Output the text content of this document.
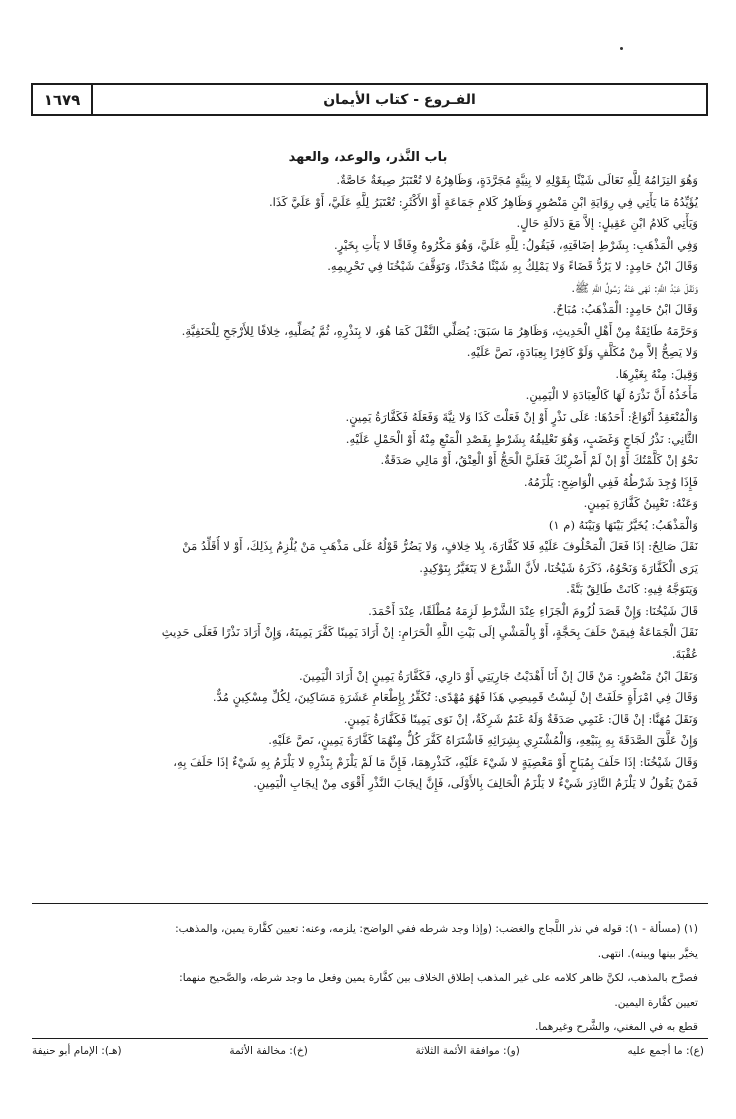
١٦٧٩	الفـروع - كتاب الأيمان
باب النَّذر، والوعد، والعهد
وَهُوَ التِزَامُهُ لِلَّهِ تَعَالَى شَيْئًا بِقَوْلِهِ لا بِنِيَّةٍ مُجَرَّدَةٍ، وَظَاهِرُهُ لا تُعْتَبَرُ صِيغَةٌ خَاصَّةٌ.
يُؤَيِّدُهُ مَا يَأْتِي فِي رِوَايَةِ ابْنِ مَنْصُورٍ وَظَاهِرُ كَلامِ جَمَاعَةٍ أَوْ الأَكْثَرِ: تُعْتَبَرُ لِلَّهِ عَلَيَّ، أَوْ عَلَيَّ كَذَا.
وَيَأْتِي كَلامُ ابْنِ عَقِيلٍ: إلاَّ مَعَ دَلالَةِ حَالٍ.
وَفِي الْمَذْهَبِ: بِشَرْطِ إضَافَتِهِ، فَيَقُولُ: لِلَّهِ عَلَيَّ، وَهُوَ مَكْرُوهٌ وِفَاقًا لا يَأْتِ بِخَيْرٍ.
وَقَالَ ابْنُ حَامِدٍ: لا يَرُدُّ قَضَاءً وَلا يَمْلِكُ بِهِ شَيْئًا مُحْدَثًا، وَتَوَقَّفَ شَيْخُنَا فِي تَحْرِيمِهِ.
وَنَقَلَ عَبْدُ اللَّهِ: نَهَى عَنْهُ رَسُولُ اللَّهِ ﷺ.
وَقَالَ ابْنُ حَامِدٍ: الْمَذْهَبُ: مُبَاحٌ.
وَحَرَّمَهُ طَائِفَةٌ مِنْ أَهْلِ الْحَدِيثِ، وَظَاهِرُ مَا سَبَقَ: يُصَلِّي النَّفْلَ كَمَا هُوَ، لا بِنَذْرِهِ، ثُمَّ يُصَلِّيهِ، خِلافًا لِلأَرْجَحِ لِلْحَنَفِيَّةِ.
وَلا يَصِحُّ إلاَّ مِنْ مُكَلَّفٍ وَلَوْ كَافِرًا بِعِبَادَةٍ، نَصَّ عَلَيْهِ.
وَقِيلَ: مِنْهُ بِغَيْرِهَا.
مَأْخَذُهُ أَنَّ نَذْرَهُ لَهَا كَالْعِبَادَةِ لا الْيَمِينِ.
وَالْمُنْعَقِدُ أَنْوَاعٌ: أَحَدُهَا: عَلَى نَذْرٍ أَوْ إنْ فَعَلْتَ كَذَا وَلا نِيَّةَ وَفَعَلَهُ فَكَفَّارَةُ يَمِينٍ.
الثَّانِي: نَذْرُ لَجَاجٍ وَغَضَبٍ، وَهُوَ تَعْلِيقُهُ بِشَرْطٍ بِقَصْدِ الْمَنْعِ مِنْهُ أَوْ الْحَمْلِ عَلَيْهِ.
نَحْوُ إنْ كَلَّمْتُكَ أَوْ إنْ لَمْ أَضْرِبْكَ فَعَلَيَّ الْحَجُّ أَوْ الْعِتْقُ، أَوْ مَالِي صَدَقَةٌ.
فَإِذَا وُجِدَ شَرْطُهُ فَفِي الْوَاضِحِ: يَلْزَمُهُ.
وَعَنْهُ: تَعْيِينُ كَفَّارَةِ يَمِينٍ.
وَالْمَذْهَبُ: يُخَيَّرُ بَيْنَهَا وَبَيْنَهُ (م ١)
نَقَلَ صَالِحٌ: إذَا فَعَلَ الْمَحْلُوفَ عَلَيْهِ فَلا كَفَّارَةَ، بِلا خِلافٍ، وَلا يَضُرُّ قَوْلُهُ عَلَى مَذْهَبِ مَنْ يُلْزِمُ بِذَلِكَ، أَوْ لا أُقَلِّدُ مَنْ
يَرَى الْكَفَّارَةَ وَنَحْوُهُ، ذَكَرَهُ شَيْخُنَا، لأَنَّ الشَّرْعَ لا يَتَغَيَّرُ بِتَوْكِيدٍ.
وَيَتَوَجَّهُ فِيهِ: كَانَتْ طَالِقٌ بَتَّةً.
قَالَ شَيْخُنَا: وَإِنْ قَصَدَ لُزُومَ الْجَزَاءِ عِنْدَ الشَّرْطِ لَزِمَهُ مُطْلَقًا، عِنْدَ أَحْمَدَ.
نَقَلَ الْجَمَاعَةُ فِيمَنْ حَلَفَ بِحَجَّةٍ، أَوْ بِالْمَشْيِ إلَى بَيْتِ اللَّهِ الْحَرَامِ: إنْ أَرَادَ يَمِينًا كَفَّرَ يَمِينَهُ، وَإِنْ أَرَادَ نَذْرًا فَعَلَى حَدِيثِ
عُقْبَةَ.
وَنَقَلَ ابْنُ مَنْصُورٍ: مَنْ قَالَ إنْ أَنَا أَهْدَيْتُ جَارِيَتِي أَوْ دَارِي، فَكَفَّارَةُ يَمِينٍ إنْ أَرَادَ الْيَمِينَ.
وَقَالَ فِي امْرَأَةٍ حَلَفَتْ إنْ لَبِسْتُ قَمِيصِي هَذَا فَهُوَ مُهْدًى: تُكَفِّرُ بِإِطْعَامِ عَشَرَةِ مَسَاكِينَ، لِكُلِّ مِسْكِينٍ مُدٌّ.
وَنَقَلَ مُهَنَّا: إنْ قَالَ: غَنَمِي صَدَقَةٌ وَلَهُ غَنَمٌ شَرِكَةٌ، إنْ نَوَى يَمِينًا فَكَفَّارَةُ يَمِينٍ.
وَإِنْ عَلَّقَ الصَّدَقَةَ بِهِ بِبَيْعِهِ، وَالْمُشْتَرِي بِشِرَائِهِ فَاشْتَرَاهُ كَفَّرَ كُلٌّ مِنْهُمَا كَفَّارَةَ يَمِينٍ، نَصَّ عَلَيْهِ.
وَقَالَ شَيْخُنَا: إذَا حَلَفَ بِمُبَاحٍ أَوْ مَعْصِيَةٍ لا شَيْءَ عَلَيْهِ، كَنَذْرِهِمَا، فَإِنَّ مَا لَمْ يَلْزَمْ بِنَذْرِهِ لا يَلْزَمُ بِهِ شَيْءٌ إذَا حَلَفَ بِهِ،
فَمَنْ يَقُولُ لا يَلْزَمُ النَّاذِرَ شَيْءٌ لا يَلْزَمُ الْحَالِفَ بِالأَوْلَى، فَإِنَّ إيجَابَ النَّذْرِ أَقْوَى مِنْ إيجَابِ الْيَمِينِ.
(١) (مسألة - ١): قوله في نذر اللَّجاج والغضب: (وإذا وجد شرطه ففي الواضح: يلزمه، وعنه: تعيين كفَّارة يمين، والمذهب:
يخيَّر بينها وبينه). انتهى.
فصرَّح بالمذهب، لكنَّ ظاهر كلامه على غير المذهب إطلاق الخلاف بين كفَّارة يمين وفعل ما وجد شرطه، والصَّحيح منهما:
تعيين كفَّارة اليمين.
قطع به في المغني، والشَّرح وغيرهما.
(ع): ما أجمع عليه
(و): موافقة الأئمة الثلاثة
(خ): مخالفة الأئمة
(هـ): الإمام أبو حنيفة
